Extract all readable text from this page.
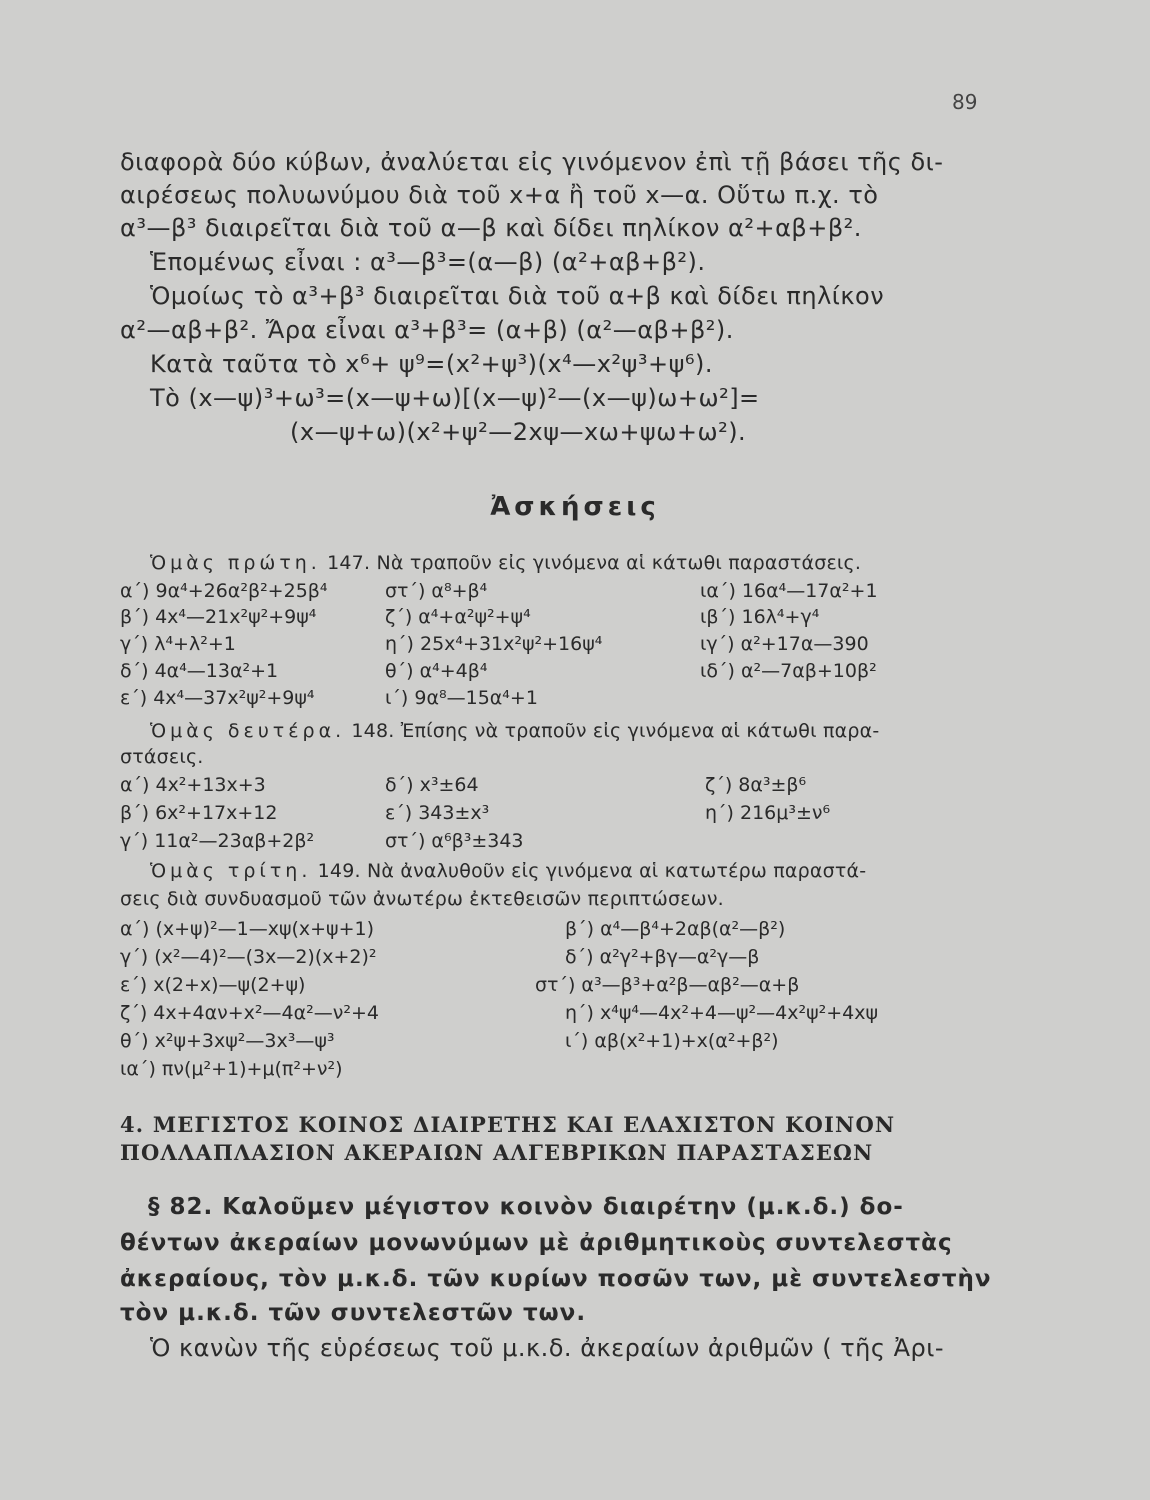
89
διαφορὰ δύο κύβων, ἀναλύεται εἰς γινόμενον ἐπὶ τῇ βάσει τῆς δι-
αιρέσεως πολυωνύμου διὰ τοῦ x+α ἢ τοῦ x—α. Οὕτω π.χ. τὸ
α³—β³ διαιρεῖται διὰ τοῦ α—β καὶ δίδει πηλίκον α²+αβ+β².
Ἑπομένως εἶναι : α³—β³=(α—β) (α²+αβ+β²).
Ὁμοίως τὸ α³+β³ διαιρεῖται διὰ τοῦ α+β καὶ δίδει πηλίκον
α²—αβ+β². Ἄρα εἶναι α³+β³= (α+β) (α²—αβ+β²).
Κατὰ ταῦτα τὸ x⁶+ ψ⁹=(x²+ψ³)(x⁴—x²ψ³+ψ⁶).
Τὸ (x—ψ)³+ω³=(x—ψ+ω)[(x—ψ)²—(x—ψ)ω+ω²]=
(x—ψ+ω)(x²+ψ²—2xψ—xω+ψω+ω²).
Ἀσκήσεις
Ὁμὰς πρώτη. 147. Νὰ τραποῦν εἰς γινόμενα αἱ κάτωθι παραστάσεις.
α΄) 9α⁴+26α²β²+25β⁴	στ΄) α⁸+β⁴	ια΄) 16α⁴—17α²+1
β΄) 4x⁴—21x²ψ²+9ψ⁴	ζ΄) α⁴+α²ψ²+ψ⁴	ιβ΄) 16λ⁴+γ⁴
γ΄) λ⁴+λ²+1	η΄) 25x⁴+31x²ψ²+16ψ⁴	ιγ΄) α²+17α—390
δ΄) 4α⁴—13α²+1	θ΄) α⁴+4β⁴	ιδ΄) α²—7αβ+10β²
ε΄) 4x⁴—37x²ψ²+9ψ⁴	ι΄) 9α⁸—15α⁴+1
Ὁμὰς δευτέρα. 148. Ἐπίσης νὰ τραποῦν εἰς γινόμενα αἱ κάτωθι παρα-
στάσεις.
α΄) 4x²+13x+3	δ΄) x³±64	ζ΄) 8α³±β⁶
β΄) 6x²+17x+12	ε΄) 343±x³	η΄) 216μ³±ν⁶
γ΄) 11α²—23αβ+2β²	στ΄) α⁶β³±343
Ὁμὰς τρίτη. 149. Νὰ ἀναλυθοῦν εἰς γινόμενα αἱ κατωτέρω παραστά-
σεις διὰ συνδυασμοῦ τῶν ἀνωτέρω ἐκτεθεισῶν περιπτώσεων.
α΄) (x+ψ)²—1—xψ(x+ψ+1)	β΄) α⁴—β⁴+2αβ(α²—β²)
γ΄) (x²—4)²—(3x—2)(x+2)²	δ΄) α²γ²+βγ—α²γ—β
ε΄) x(2+x)—ψ(2+ψ)	στ΄) α³—β³+α²β—αβ²—α+β
ζ΄) 4x+4αν+x²—4α²—ν²+4	η΄) x⁴ψ⁴—4x²+4—ψ²—4x²ψ²+4xψ
θ΄) x²ψ+3xψ²—3x³—ψ³	ι΄) αβ(x²+1)+x(α²+β²)
ια΄) πν(μ²+1)+μ(π²+ν²)
4. ΜΕΓΙΣΤΟΣ ΚΟΙΝΟΣ ΔΙΑΙΡΕΤΗΣ ΚΑΙ ΕΛΑΧΙΣΤΟΝ ΚΟΙΝΟΝ
ΠΟΛΛΑΠΛΑΣΙΟΝ ΑΚΕΡΑΙΩΝ ΑΛΓΕΒΡΙΚΩΝ ΠΑΡΑΣΤΑΣΕΩΝ
§ 82. Καλοῦμεν μέγιστον κοινὸν διαιρέτην (μ.κ.δ.) δο-
θέντων ἀκεραίων μονωνύμων μὲ ἀριθμητικοὺς συντελεστὰς
ἀκεραίους, τὸν μ.κ.δ. τῶν κυρίων ποσῶν των, μὲ συντελεστὴν
τὸν μ.κ.δ. τῶν συντελεστῶν των.
Ὁ κανὼν τῆς εὑρέσεως τοῦ μ.κ.δ. ἀκεραίων ἀριθμῶν ( τῆς Ἀρι-
